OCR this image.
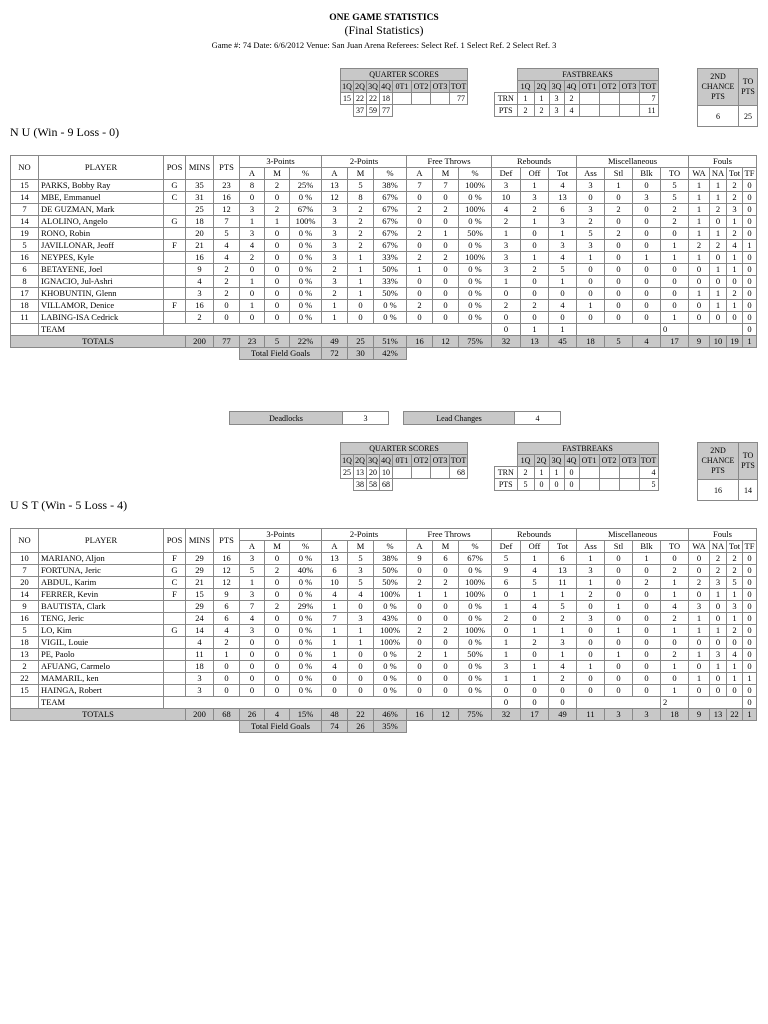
ONE GAME STATISTICS
(Final Statistics)
Game #: 74 Date: 6/6/2012 Venue: San Juan Arena Referees: Select Ref. 1 Select Ref. 2 Select Ref. 3
QUARTER SCORES							
1Q	2Q	3Q	4Q	0T1	OT2	OT3	TOT
15	22	22	18				77
	37	59	77				
	FASTBREAKS							
	1Q	2Q	3Q	4Q	OT1	OT2	OT3	TOT
TRN	1	1	3	2				7
PTS	2	2	3	4				11
2ND CHANCE PTS	TO PTS
6	25
N U (Win - 9 Loss - 0)
NO	PLAYER	POS	MINS	PTS	3-Points			2-Points			Free Throws			Rebounds			Miscellaneous				Fouls			
					A	M	%	A	M	%	A	M	%	Def	Off	Tot	Ass	Stl	Blk	TO	WA	NA	Tot	TF
15	PARKS, Bobby Ray	G	35	23	8	2	25%	13	5	38%	7	7	100%	3	1	4	3	1	0	5	1	1	2	0
14	MBE, Emmanuel	C	31	16	0	0	0 %	12	8	67%	0	0	0 %	10	3	13	0	0	3	5	1	1	2	0
7	DE GUZMAN, Mark		25	12	3	2	67%	3	2	67%	2	2	100%	4	2	6	3	2	0	2	1	2	3	0
14	ALOLINO, Angelo	G	18	7	1	1	100%	3	2	67%	0	0	0 %	2	1	3	2	0	0	2	1	0	1	0
19	RONO, Robin		20	5	3	0	0 %	3	2	67%	2	1	50%	1	0	1	5	2	0	0	1	1	2	0
5	JAVILLONAR, Jeoff	F	21	4	4	0	0 %	3	2	67%	0	0	0 %	3	0	3	3	0	0	1	2	2	4	1
16	NEYPES, Kyle		16	4	2	0	0 %	3	1	33%	2	2	100%	3	1	4	1	0	1	1	1	0	1	0
6	BETAYENE, Joel		9	2	0	0	0 %	2	1	50%	1	0	0 %	3	2	5	0	0	0	0	0	1	1	0
8	IGNACIO, Jul-Ashri		4	2	1	0	0 %	3	1	33%	0	0	0 %	1	0	1	0	0	0	0	0	0	0	0
17	KHOBUNTIN, Glenn		3	2	0	0	0 %	2	1	50%	0	0	0 %	0	0	0	0	0	0	0	1	1	2	0
18	VILLAMOR, Denice	F	16	0	1	0	0 %	1	0	0 %	2	0	0 %	2	2	4	1	0	0	0	0	1	1	0
11	LABING-ISA Cedrick		2	0	0	0	0 %	1	0	0 %	0	0	0 %	0	0	0	0	0	0	1	0	0	0	0
	TEAM													0	1	1				0				0
TOTALS			200	77	23	5	22%	49	25	51%	16	12	75%	32	13	45	18	5	4	17	9	10	19	1
					Total Field Goals			72	30	42%														
QUARTER SCORES							
1Q	2Q	3Q	4Q	0T1	OT2	OT3	TOT
25	13	20	10				68
	38	58	68				
	FASTBREAKS							
	1Q	2Q	3Q	4Q	OT1	OT2	OT3	TOT
TRN	2	1	1	0				4
PTS	5	0	0	0				5
2ND CHANCE PTS	TO PTS
16	14
U S T (Win - 5 Loss - 4)
NO	PLAYER	POS	MINS	PTS	3-Points			2-Points			Free Throws			Rebounds			Miscellaneous				Fouls			
					A	M	%	A	M	%	A	M	%	Def	Off	Tot	Ass	Stl	Blk	TO	WA	NA	Tot	TF
10	MARIANO, Aljon	F	29	16	3	0	0 %	13	5	38%	9	6	67%	5	1	6	1	0	1	0	0	2	2	0
7	FORTUNA, Jeric	G	29	12	5	2	40%	6	3	50%	0	0	0 %	9	4	13	3	0	0	2	0	2	2	0
20	ABDUL, Karim	C	21	12	1	0	0 %	10	5	50%	2	2	100%	6	5	11	1	0	2	1	2	3	5	0
14	FERRER, Kevin	F	15	9	3	0	0 %	4	4	100%	1	1	100%	0	1	1	2	0	0	1	0	1	1	0
9	BAUTISTA, Clark		29	6	7	2	29%	1	0	0 %	0	0	0 %	1	4	5	0	1	0	4	3	0	3	0
16	TENG, Jeric		24	6	4	0	0 %	7	3	43%	0	0	0 %	2	0	2	3	0	0	2	1	0	1	0
5	LO, Kim	G	14	4	3	0	0 %	1	1	100%	2	2	100%	0	1	1	0	1	0	1	1	1	2	0
18	VIGIL, Louie		4	2	0	0	0 %	1	1	100%	0	0	0 %	1	2	3	0	0	0	0	0	0	0	0
13	PE, Paolo		11	1	0	0	0 %	1	0	0 %	2	1	50%	1	0	1	0	1	0	2	1	3	4	0
2	AFUANG, Carmelo		18	0	0	0	0 %	4	0	0 %	0	0	0 %	3	1	4	1	0	0	1	0	1	1	0
22	MAMARIL, ken		3	0	0	0	0 %	0	0	0 %	0	0	0 %	1	1	2	0	0	0	0	1	0	1	1
15	HAINGA, Robert		3	0	0	0	0 %	0	0	0 %	0	0	0 %	0	0	0	0	0	0	1	0	0	0	0
	TEAM													0	0	0				2				0
TOTALS			200	68	26	4	15%	48	22	46%	16	12	75%	32	17	49	11	3	3	18	9	13	22	1
					Total Field Goals			74	26	35%														
Deadlocks	3		Lead Changes	4
